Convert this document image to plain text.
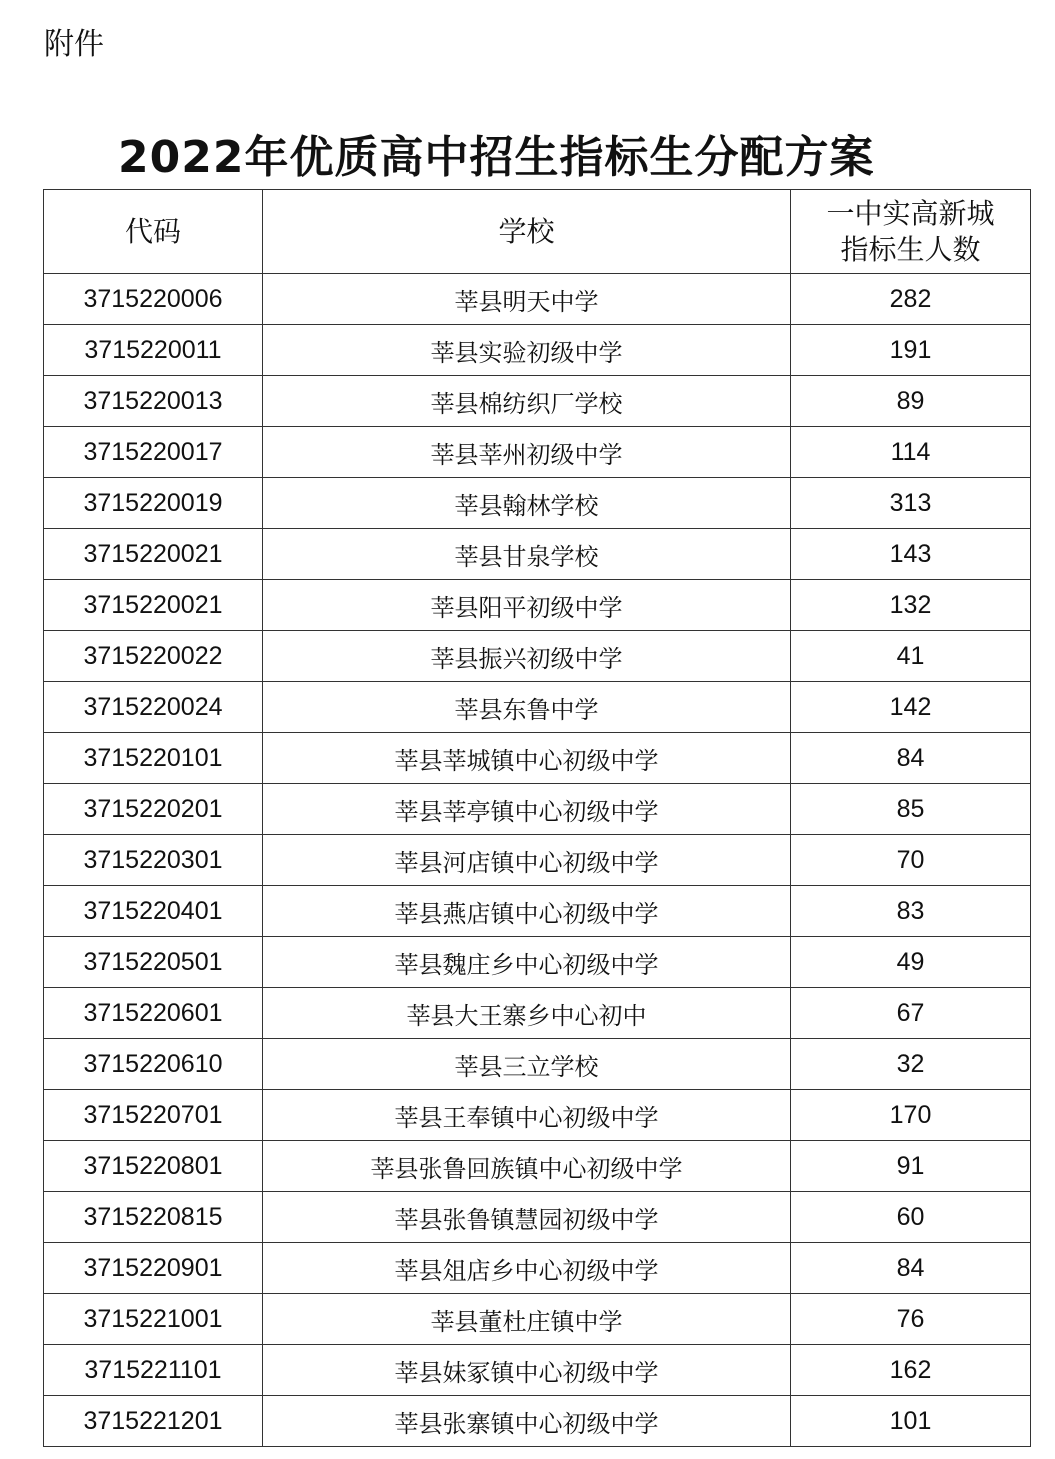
附件
2022年优质高中招生指标生分配方案
代码	学校	一中实高新城
指标生人数

3715220006	莘县明天中学	282
3715220011	莘县实验初级中学	191
3715220013	莘县棉纺织厂学校	89
3715220017	莘县莘州初级中学	114
3715220019	莘县翰林学校	313
3715220021	莘县甘泉学校	143
3715220021	莘县阳平初级中学	132
3715220022	莘县振兴初级中学	41
3715220024	莘县东鲁中学	142
3715220101	莘县莘城镇中心初级中学	84
3715220201	莘县莘亭镇中心初级中学	85
3715220301	莘县河店镇中心初级中学	70
3715220401	莘县燕店镇中心初级中学	83
3715220501	莘县魏庄乡中心初级中学	49
3715220601	莘县大王寨乡中心初中	67
3715220610	莘县三立学校	32
3715220701	莘县王奉镇中心初级中学	170
3715220801	莘县张鲁回族镇中心初级中学	91
3715220815	莘县张鲁镇慧园初级中学	60
3715220901	莘县俎店乡中心初级中学	84
3715221001	莘县董杜庄镇中学	76
3715221101	莘县妹冢镇中心初级中学	162
3715221201	莘县张寨镇中心初级中学	101
